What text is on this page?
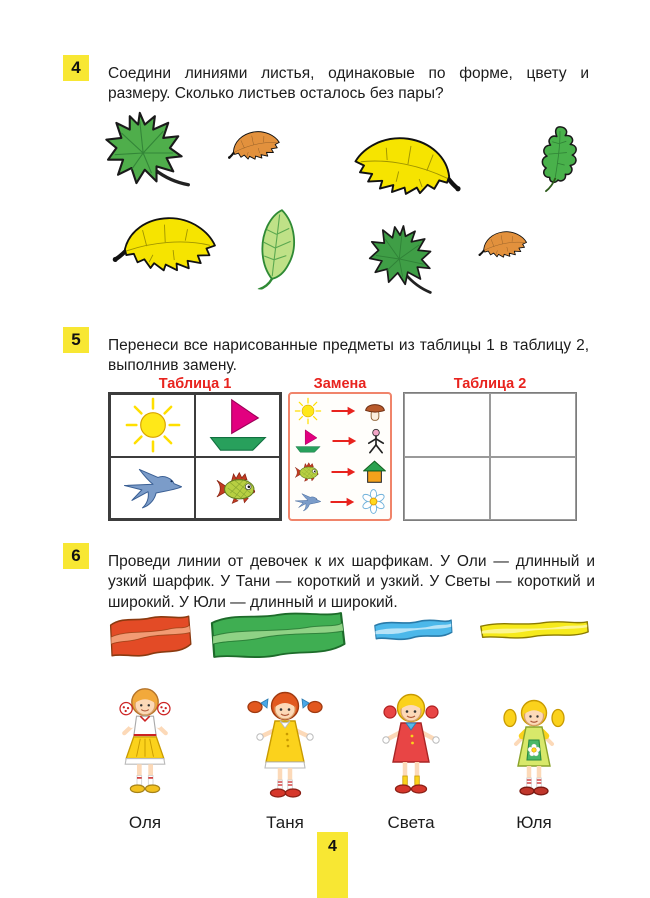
4 Соедини линиями листья, одинаковые по форме, цвету и размеру. Сколько листьев осталось без пары?

5 Перенеси все нарисованные предметы из таблицы 1 в таблицу 2, выполнив замену.

Таблица 1	Замена	Таблица 2
6 Проведи линии от девочек к их шарфикам. У Оли — длинный и узкий шарфик. У Тани — короткий и узкий. У Светы — короткий и широкий. У Юли — длинный и широкий.

Оля	Таня	Света	Юля
4
